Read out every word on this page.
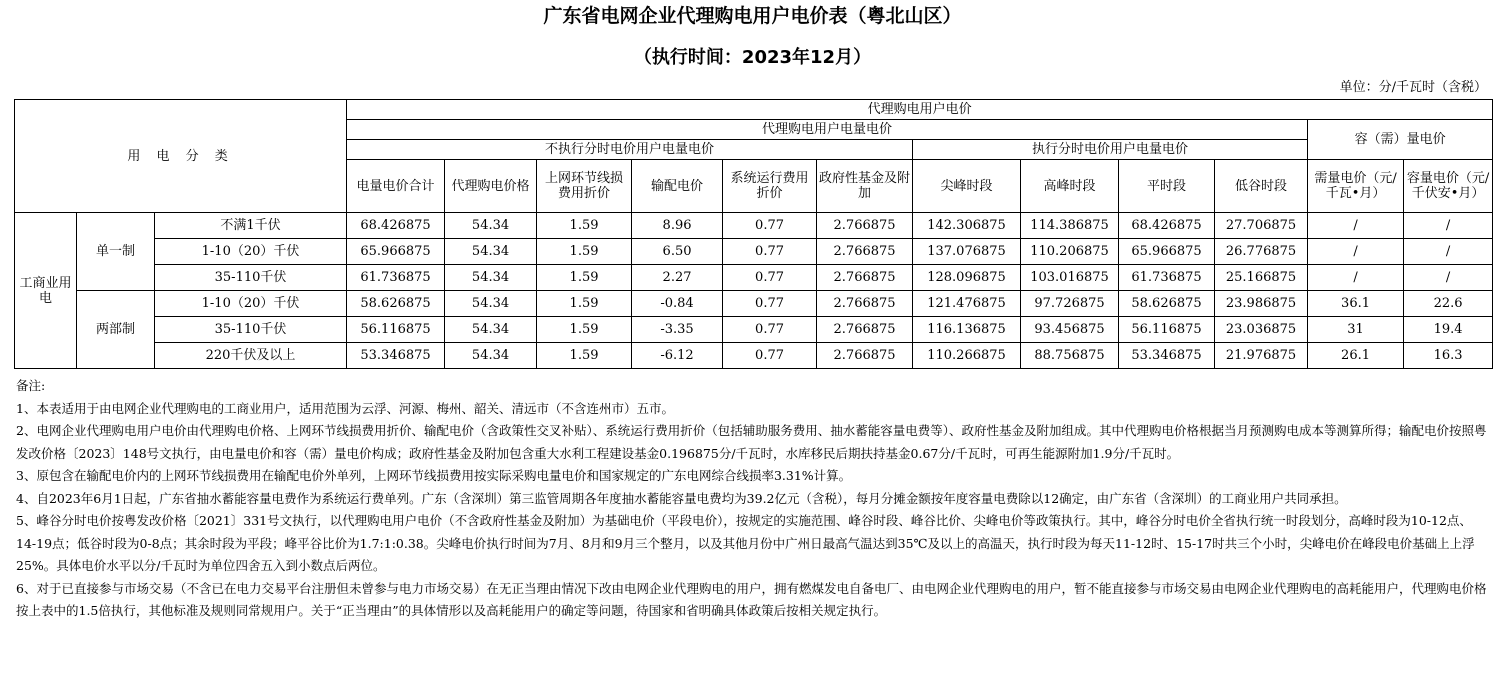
广东省电网企业代理购电用户电价表（粤北山区）
（执行时间：2023年12月）
单位：分/千瓦时（含税）
用 电 分 类			代理购电用户电价											
			代理购电用户电量电价										容（需）量电价	
			不执行分时电价用户电量电价						执行分时电价用户电量电价					
			电量电价合计	代理购电价格	上网环节线损费用折价	输配电价	系统运行费用折价	政府性基金及附加	尖峰时段	高峰时段	平时段	低谷时段	需量电价（元/千瓦•月）	容量电价（元/千伏安•月）
工商业用电	单一制	不满1千伏	68.426875	54.34	1.59	8.96	0.77	2.766875	142.306875	114.386875	68.426875	27.706875	/	/
		1-10（20）千伏	65.966875	54.34	1.59	6.50	0.77	2.766875	137.076875	110.206875	65.966875	26.776875	/	/
		35-110千伏	61.736875	54.34	1.59	2.27	0.77	2.766875	128.096875	103.016875	61.736875	25.166875	/	/
	两部制	1-10（20）千伏	58.626875	54.34	1.59	-0.84	0.77	2.766875	121.476875	97.726875	58.626875	23.986875	36.1	22.6
		35-110千伏	56.116875	54.34	1.59	-3.35	0.77	2.766875	116.136875	93.456875	56.116875	23.036875	31	19.4
		220千伏及以上	53.346875	54.34	1.59	-6.12	0.77	2.766875	110.266875	88.756875	53.346875	21.976875	26.1	16.3

备注:

1、本表适用于由电网企业代理购电的工商业用户，适用范围为云浮、河源、梅州、韶关、清远市（不含连州市）五市。

2、电网企业代理购电用户电价由代理购电价格、上网环节线损费用折价、输配电价（含政策性交叉补贴）、系统运行费用折价（包括辅助服务费用、抽水蓄能容量电费等）、政府性基金及附加组成。其中代理购电价格根据当月预测购电成本等测算所得；输配电价按照粤发改价格〔2023〕148号文执行，由电量电价和容（需）量电价构成；政府性基金及附加包含重大水利工程建设基金0.196875分/千瓦时，水库移民后期扶持基金0.67分/千瓦时，可再生能源附加1.9分/千瓦时。

3、原包含在输配电价内的上网环节线损费用在输配电价外单列，上网环节线损费用按实际采购电量电价和国家规定的广东电网综合线损率3.31%计算。

4、自2023年6月1日起，广东省抽水蓄能容量电费作为系统运行费单列。广东（含深圳）第三监管周期各年度抽水蓄能容量电费均为39.2亿元（含税），每月分摊金额按年度容量电费除以12确定，由广东省（含深圳）的工商业用户共同承担。

5、峰谷分时电价按粤发改价格〔2021〕331号文执行，以代理购电用户电价（不含政府性基金及附加）为基础电价（平段电价），按规定的实施范围、峰谷时段、峰谷比价、尖峰电价等政策执行。其中，峰谷分时电价全省执行统一时段划分，高峰时段为10-12点、14-19点；低谷时段为0-8点；其余时段为平段；峰平谷比价为1.7:1:0.38。尖峰电价执行时间为7月、8月和9月三个整月，以及其他月份中广州日最高气温达到35℃及以上的高温天，执行时段为每天11-12时、15-17时共三个小时，尖峰电价在峰段电价基础上上浮25%。具体电价水平以分/千瓦时为单位四舍五入到小数点后两位。

6、对于已直接参与市场交易（不含已在电力交易平台注册但未曾参与电力市场交易）在无正当理由情况下改由电网企业代理购电的用户，拥有燃煤发电自备电厂、由电网企业代理购电的用户，暂不能直接参与市场交易由电网企业代理购电的高耗能用户，代理购电价格按上表中的1.5倍执行，其他标准及规则同常规用户。关于“正当理由”的具体情形以及高耗能用户的确定等问题，待国家和省明确具体政策后按相关规定执行。
